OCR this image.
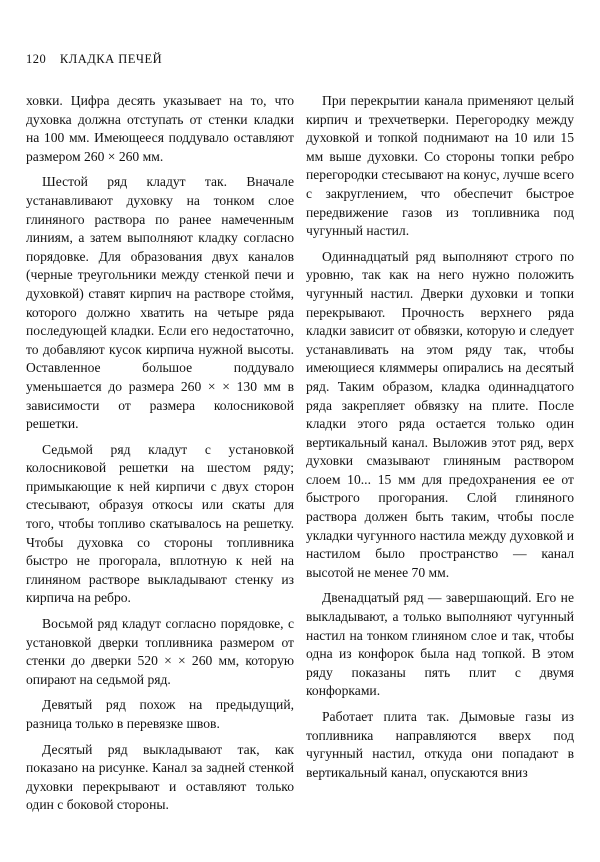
120 КЛАДКА ПЕЧЕЙ

ховки. Цифра десять указывает на то, что духовка должна отступать от стенки кладки на 100 мм. Имеющееся поддувало оставляют размером 260 × 260 мм.

Шестой ряд кладут так. Вначале устанавливают духовку на тонком слое глиняного раствора по ранее намеченным линиям, а затем выполняют кладку согласно порядовке. Для образования двух каналов (черные треугольники между стенкой печи и духовкой) ставят кирпич на растворе стоймя, которого должно хватить на четыре ряда последующей кладки. Если его недостаточно, то добавляют кусок кирпича нужной высоты. Оставленное большое поддувало уменьшается до размера 260 × × 130 мм в зависимости от размера колосниковой решетки.

Седьмой ряд кладут с установкой колосниковой решетки на шестом ряду; примыкающие к ней кирпичи с двух сторон стесывают, образуя откосы или скаты для того, чтобы топливо скатывалось на решетку. Чтобы духовка со стороны топливника быстро не прогорала, вплотную к ней на глиняном растворе выкладывают стенку из кирпича на ребро.

Восьмой ряд кладут согласно порядовке, с установкой дверки топливника размером от стенки до дверки 520 × × 260 мм, которую опирают на седьмой ряд.

Девятый ряд похож на предыдущий, разница только в перевязке швов.

Десятый ряд выкладывают так, как показано на рисунке. Канал за задней стенкой духовки перекрывают и оставляют только один с боковой стороны.

При перекрытии канала применяют целый кирпич и трехчетверки. Перегородку между духовкой и топкой поднимают на 10 или 15 мм выше духовки. Со стороны топки ребро перегородки стесывают на конус, лучше всего с закруглением, что обеспечит быстрое передвижение газов из топливника под чугунный настил.

Одиннадцатый ряд выполняют строго по уровню, так как на него нужно положить чугунный настил. Дверки духовки и топки перекрывают. Прочность верхнего ряда кладки зависит от обвязки, которую и следует устанавливать на этом ряду так, чтобы имеющиеся кляммеры опирались на десятый ряд. Таким образом, кладка одиннадцатого ряда закрепляет обвязку на плите. После кладки этого ряда остается только один вертикальный канал. Выложив этот ряд, верх духовки смазывают глиняным раствором слоем 10... 15 мм для предохранения ее от быстрого прогорания. Слой глиняного раствора должен быть таким, чтобы после укладки чугунного настила между духовкой и настилом было пространство — канал высотой не менее 70 мм.

Двенадцатый ряд — завершающий. Его не выкладывают, а только выполняют чугунный настил на тонком глиняном слое и так, чтобы одна из конфорок была над топкой. В этом ряду показаны пять плит с двумя конфорками.

Работает плита так. Дымовые газы из топливника направляются вверх под чугунный настил, откуда они попадают в вертикальный канал, опускаются вниз
